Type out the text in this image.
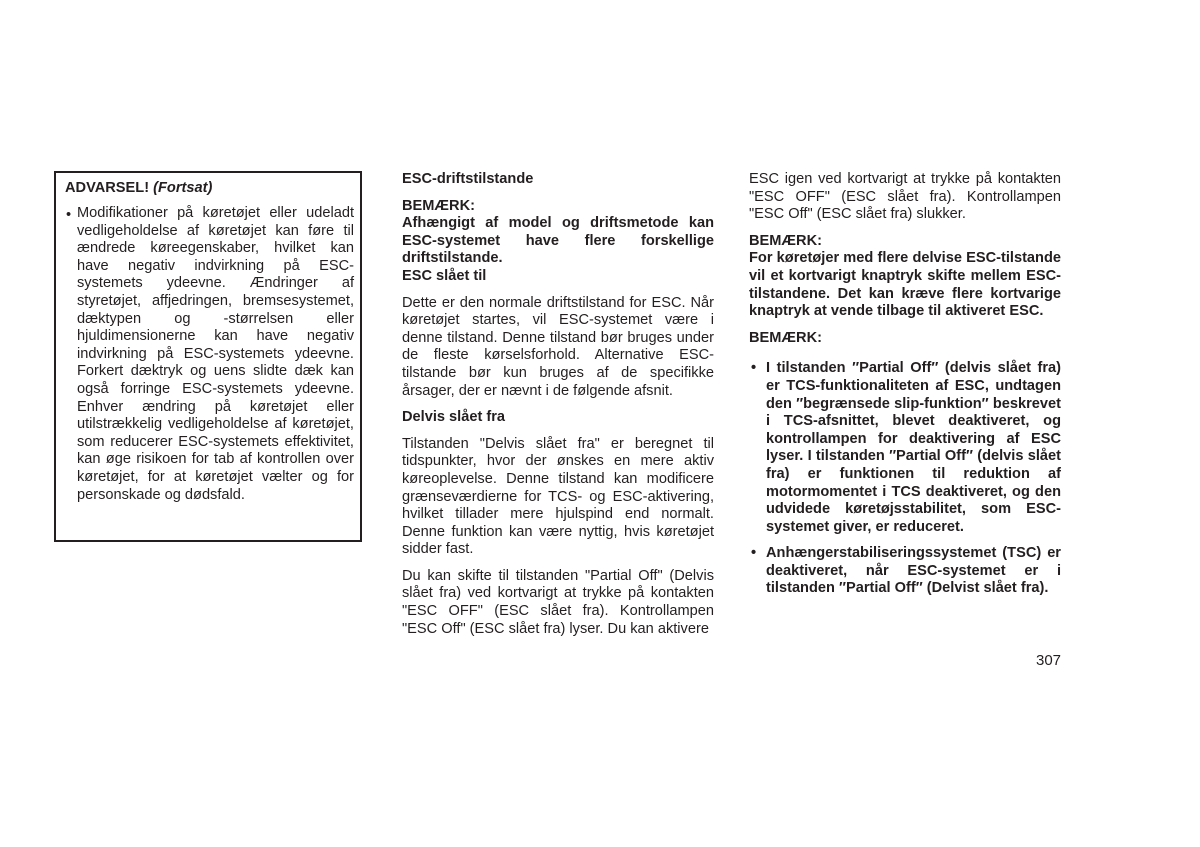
ADVARSEL! (Fortsat)
• Modifikationer på køretøjet eller udeladt vedligeholdelse af køretøjet kan føre til ændrede køreegenskaber, hvilket kan have negativ indvirkning på ESC-systemets ydeevne. Ændringer af styretøjet, affjedringen, bremsesystemet, dæktypen og -størrelsen eller hjuldimensionerne kan have negativ indvirkning på ESC-systemets ydeevne. Forkert dæktryk og uens slidte dæk kan også forringe ESC-systemets ydeevne. Enhver ændring på køretøjet eller utilstrækkelig vedligeholdelse af køretøjet, som reducerer ESC-systemets effektivitet, kan øge risikoen for tab af kontrollen over køretøjet, for at køretøjet vælter og for personskade og dødsfald.

ESC-driftstilstande

BEMÆRK:

Afhængigt af model og driftsmetode kan ESC-systemet have flere forskellige driftstilstande.

ESC slået til

Dette er den normale driftstilstand for ESC. Når køretøjet startes, vil ESC-systemet være i denne tilstand. Denne tilstand bør bruges under de fleste kørselsforhold. Alternative ESC-tilstande bør kun bruges af de specifikke årsager, der er nævnt i de følgende afsnit.

Delvis slået fra

Tilstanden "Delvis slået fra" er beregnet til tidspunkter, hvor der ønskes en mere aktiv køreoplevelse. Denne tilstand kan modificere grænseværdierne for TCS- og ESC-aktivering, hvilket tillader mere hjulspind end normalt. Denne funktion kan være nyttig, hvis køretøjet sidder fast.

Du kan skifte til tilstanden "Partial Off" (Delvis slået fra) ved kortvarigt at trykke på kontakten "ESC OFF" (ESC slået fra). Kontrollampen "ESC Off" (ESC slået fra) lyser. Du kan aktivere

ESC igen ved kortvarigt at trykke på kontakten "ESC OFF" (ESC slået fra). Kontrollampen "ESC Off" (ESC slået fra) slukker.

BEMÆRK:

For køretøjer med flere delvise ESC-tilstande vil et kortvarigt knaptryk skifte mellem ESC-tilstandene. Det kan kræve flere kortvarige knaptryk at vende tilbage til aktiveret ESC.

BEMÆRK:

• I tilstanden ″Partial Off″ (delvis slået fra) er TCS-funktionaliteten af ESC, undtagen den ″begrænsede slip-funktion″ beskrevet i TCS-afsnittet, blevet deaktiveret, og kontrollampen for deaktivering af ESC lyser. I tilstanden ″Partial Off″ (delvis slået fra) er funktionen til reduktion af motormomentet i TCS deaktiveret, og den udvidede køretøjsstabilitet, som ESC-systemet giver, er reduceret.
• Anhængerstabiliseringssystemet (TSC) er deaktiveret, når ESC-systemet er i tilstanden ″Partial Off″ (Delvist slået fra).
307
